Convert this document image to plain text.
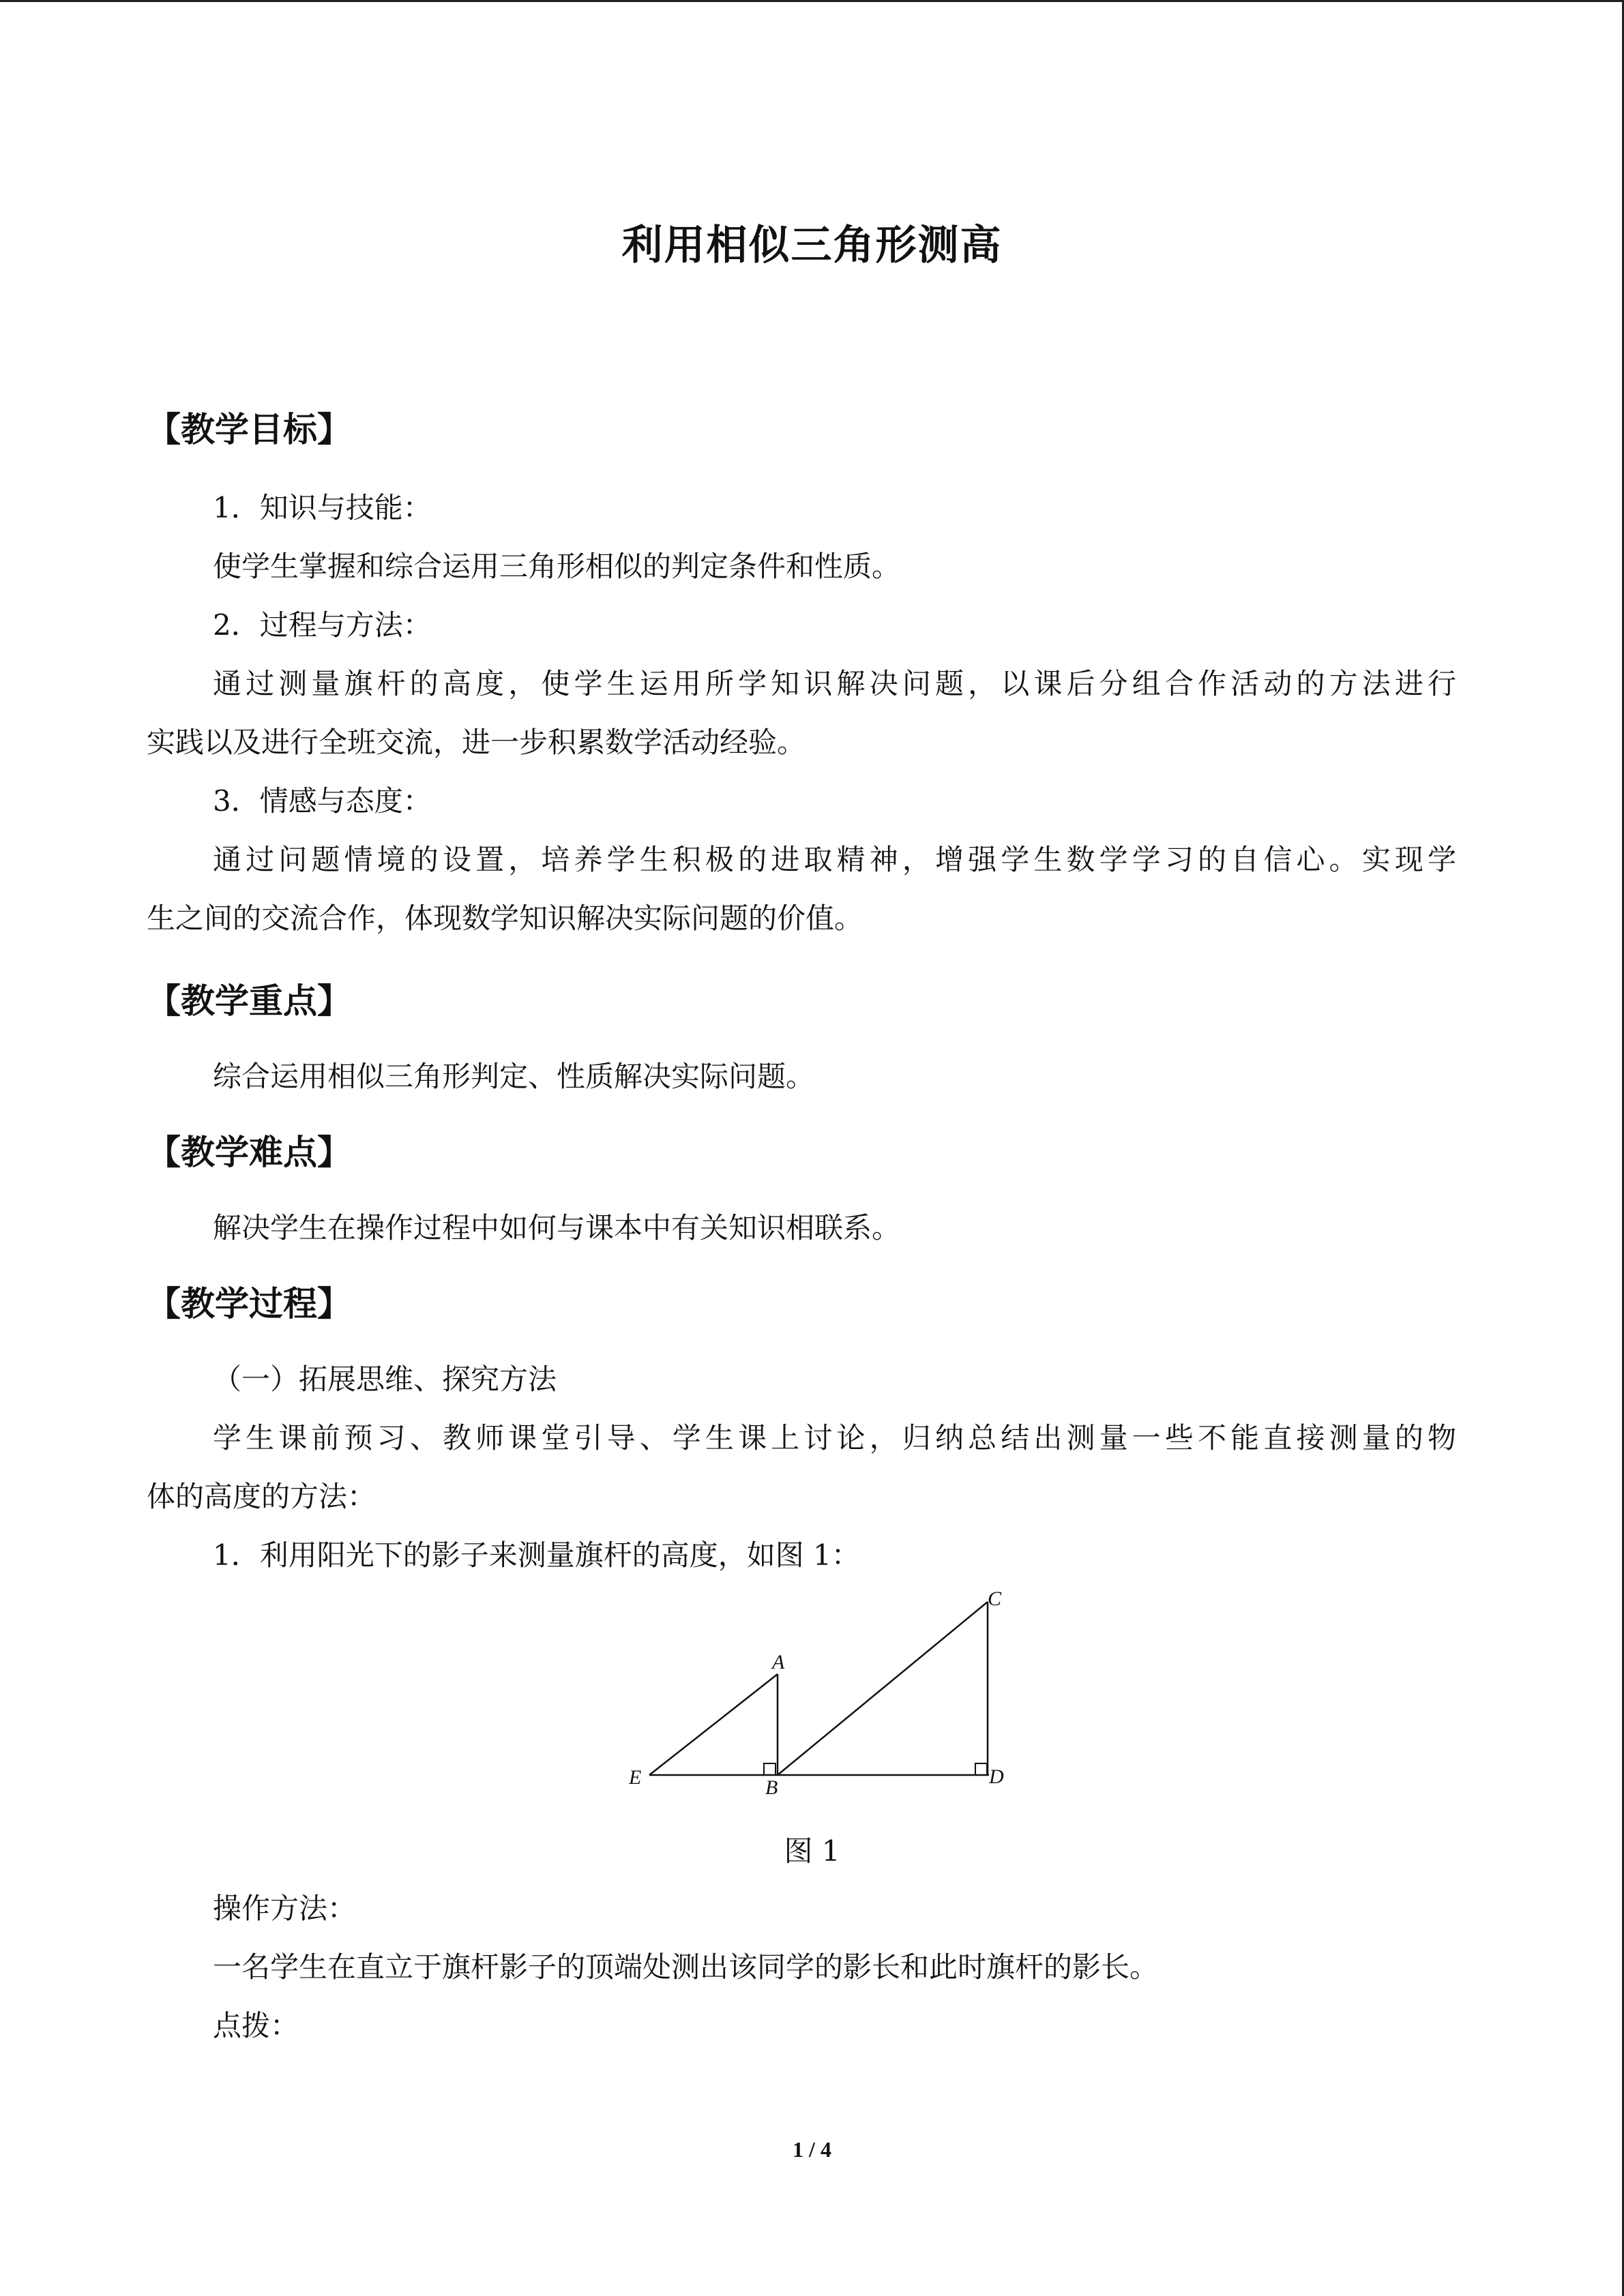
利用相似三角形测高
【教学目标】
1．知识与技能：
使学生掌握和综合运用三角形相似的判定条件和性质。
2．过程与方法：
通过测量旗杆的高度，使学生运用所学知识解决问题，以课后分组合作活动的方法进行
实践以及进行全班交流，进一步积累数学活动经验。
3．情感与态度：
通过问题情境的设置，培养学生积极的进取精神，增强学生数学学习的自信心。实现学
生之间的交流合作，体现数学知识解决实际问题的价值。
【教学重点】
综合运用相似三角形判定、性质解决实际问题。
【教学难点】
解决学生在操作过程中如何与课本中有关知识相联系。
【教学过程】
（一）拓展思维、探究方法
学生课前预习、教师课堂引导、学生课上讨论，归纳总结出测量一些不能直接测量的物
体的高度的方法：
1．利用阳光下的影子来测量旗杆的高度，如图 1：
A
B
C
D
E
图 1
操作方法：
一名学生在直立于旗杆影子的顶端处测出该同学的影长和此时旗杆的影长。
点拨：
1 / 4
